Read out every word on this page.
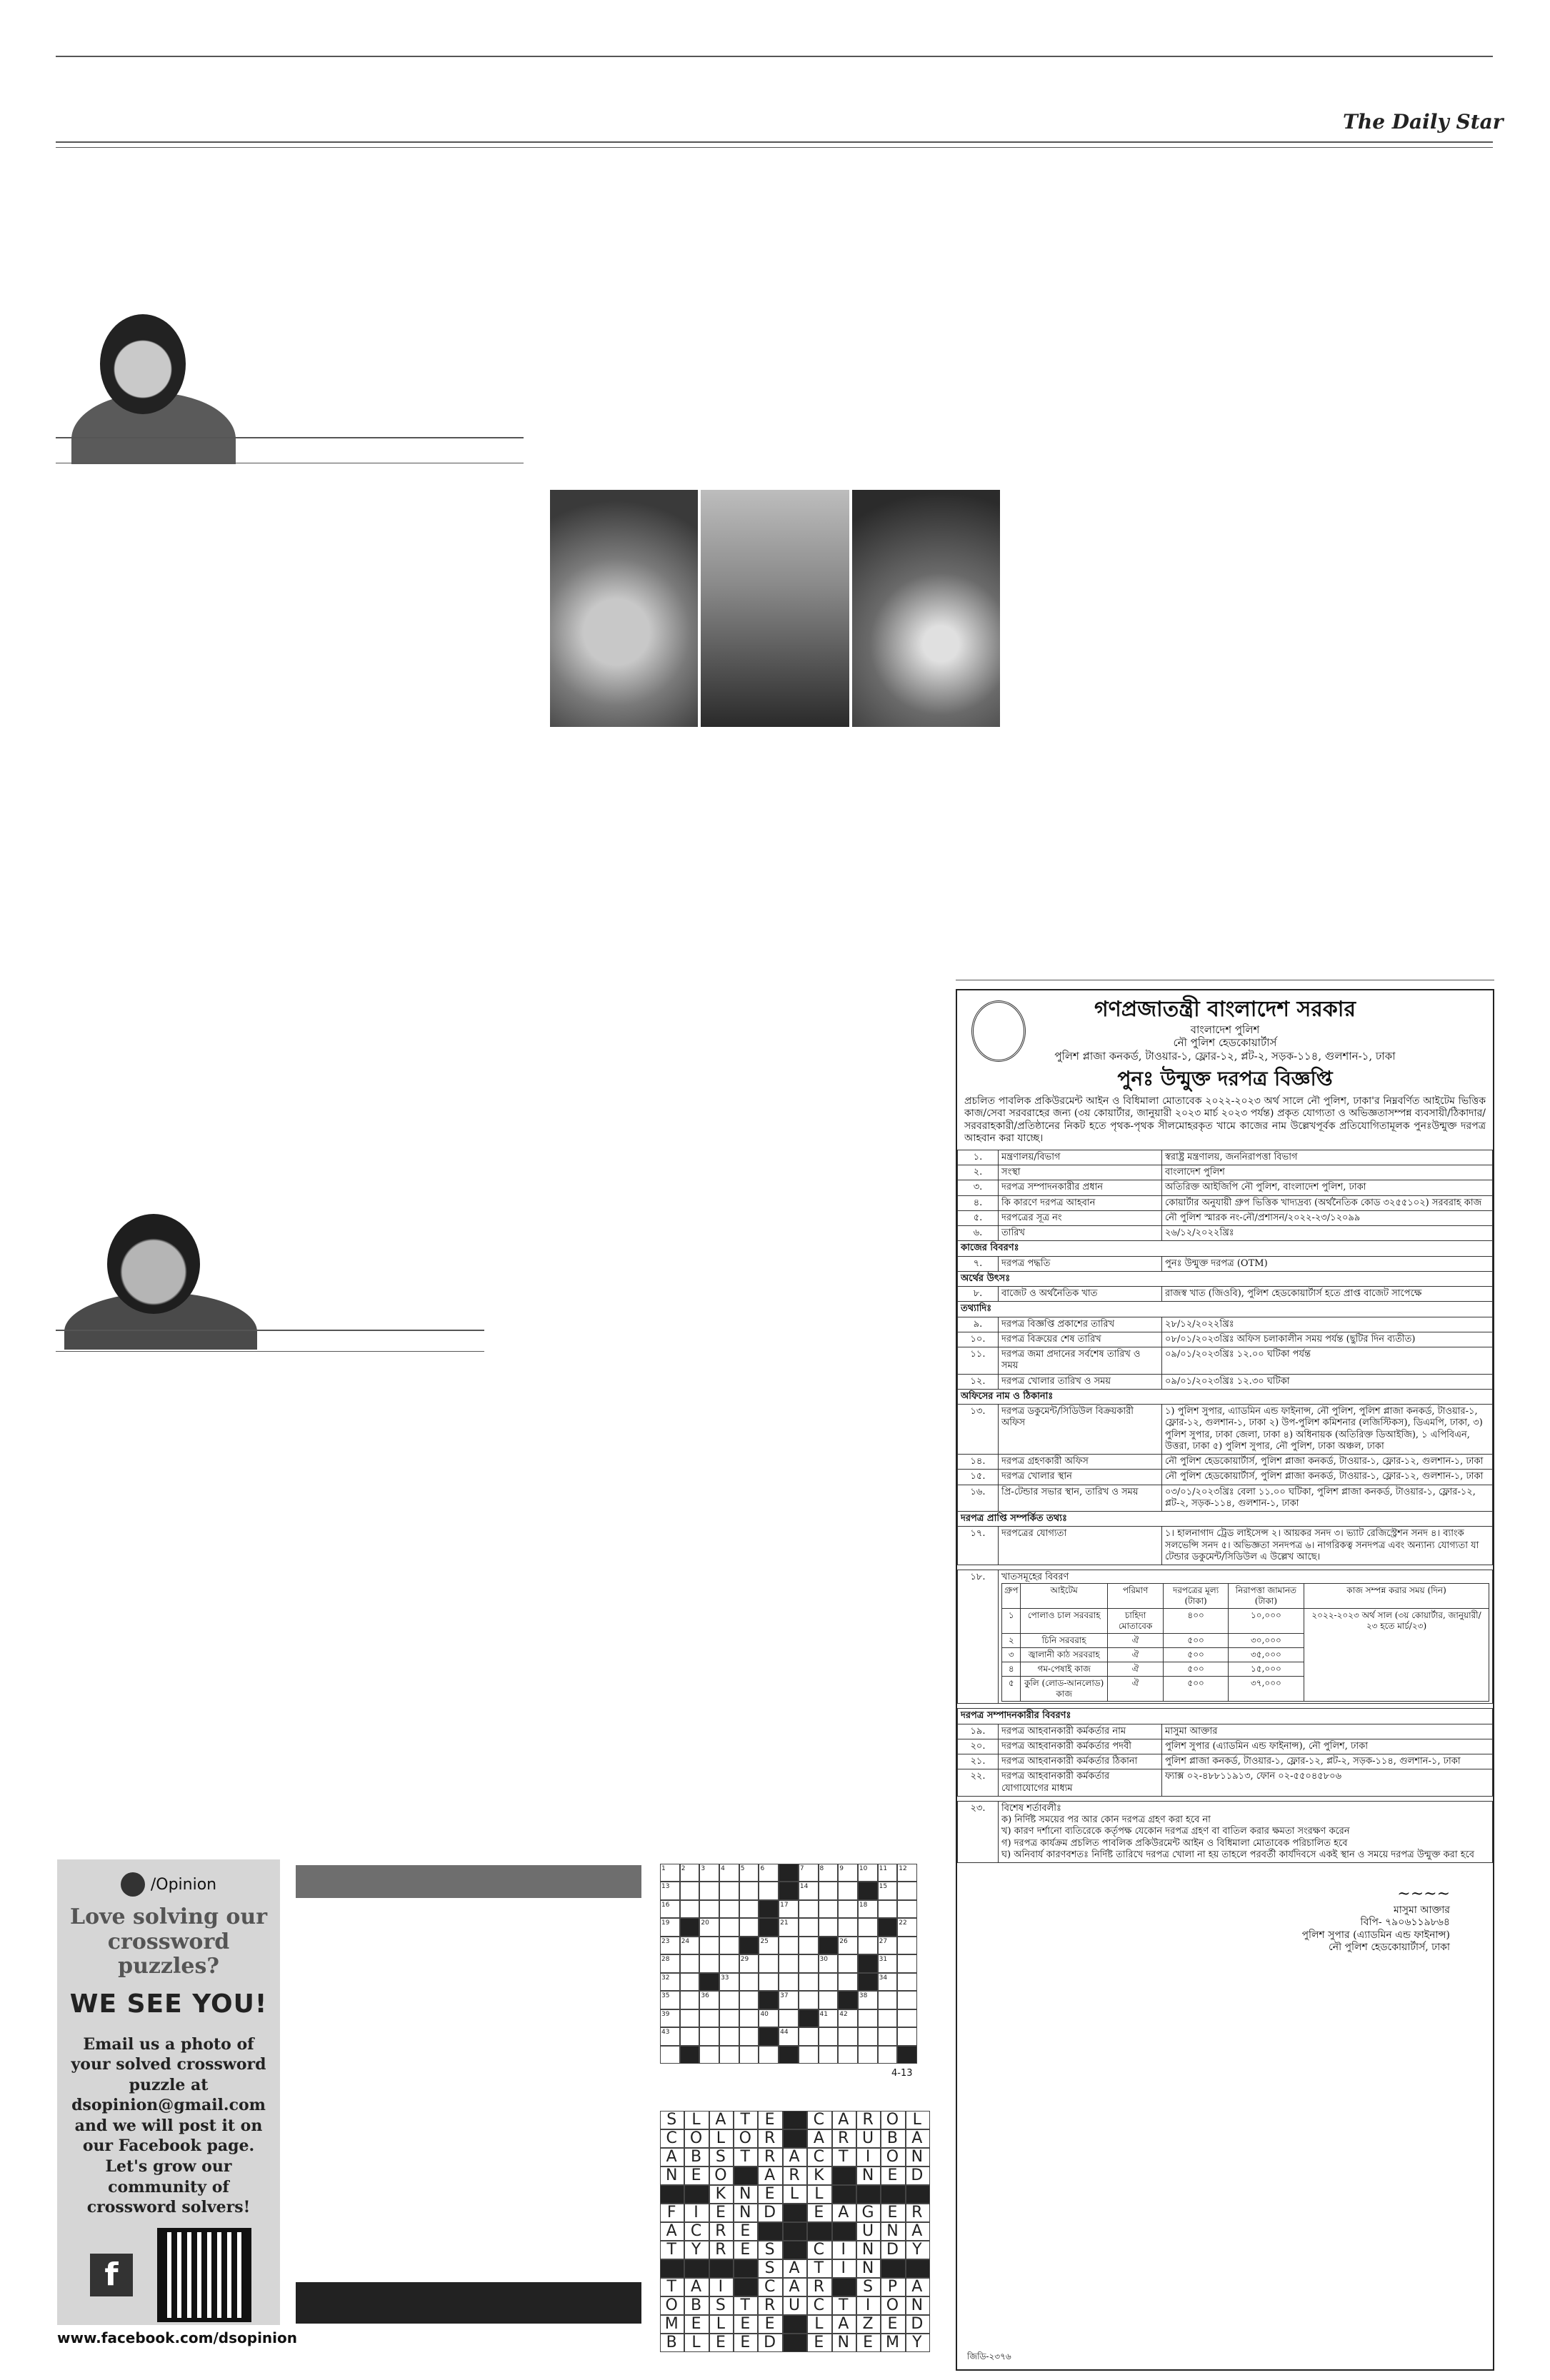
The Daily Star
/Opinion
Love solving our crossword puzzles?
WE SEE YOU!
Email us a photo of your solved crossword puzzle at dsopinion@gmail.com and we will post it on our Facebook page. Let's grow our community of crossword solvers!
f
www.facebook.com/dsopinion
1	2	3	4	5	6	7	8	9	10	11	12
13	14	15
16	17	18
19	20	21	22
23	24	25	26	27
28	29	30	31
32	33	34
35	36	37	38
39	40	41	42
43	44
4-13
S L A T E	C A R O L
C O L O R	A R U B A
A B S T R A C T	I O N
N E O	A R K	N E D
K N E L L
F	I	E N D	E A G E R
A C R E	U N A
T Y R E S	C I N D Y
S A T	I N
T A I	C A R	S P A
O B S T R U C T	I O N
M E L E E	L A Z E D
B L E E D	E N E M Y
গণপ্রজাতন্ত্রী বাংলাদেশ সরকার
বাংলাদেশ পুলিশ
নৌ পুলিশ হেডকোয়ার্টার্স
পুলিশ প্লাজা কনকর্ড, টাওয়ার-১, ফ্লোর-১২, প্লট-২, সড়ক-১১৪, গুলশান-১, ঢাকা
পুনঃ উন্মুক্ত দরপত্র বিজ্ঞপ্তি
প্রচলিত পাবলিক প্রকিউরমেন্ট আইন ও বিধিমালা মোতাবেক ২০২২-২০২৩ অর্থ সালে নৌ পুলিশ, ঢাকা'র নিম্নবর্ণিত আইটেম ভিত্তিক কাজ/সেবা সরবরাহের জন্য (৩য় কোয়ার্টার, জানুয়ারী ২০২৩ মার্চ ২০২৩ পর্যন্ত) প্রকৃত যোগ্যতা ও অভিজ্ঞতাসম্পন্ন ব্যবসায়ী/ঠিকাদার/সরবরাহকারী/প্রতিষ্ঠানের নিকট হতে পৃথক-পৃথক সীলমোহরকৃত খামে কাজের নাম উল্লেখপূর্বক প্রতিযোগিতামূলক পুনঃউন্মুক্ত দরপত্র আহবান করা যাচ্ছে।
১.	মন্ত্রণালয়/বিভাগ	স্বরাষ্ট্র মন্ত্রণালয়, জননিরাপত্তা বিভাগ
২.	সংস্থা	বাংলাদেশ পুলিশ
৩.	দরপত্র সম্পাদনকারীর প্রধান	অতিরিক্ত আইজিপি নৌ পুলিশ, বাংলাদেশ পুলিশ, ঢাকা
৪.	কি কারণে দরপত্র আহবান	কোয়ার্টার অনুযায়ী গ্রুপ ভিত্তিক খাদ্যদ্রব্য (অর্থনৈতিক কোড ৩২৫৫১০২) সরবরাহ কাজ
৫.	দরপত্রের সূত্র নং	নৌ পুলিশ স্মারক নং-নৌ/প্রশাসন/২০২২-২৩/১২০৯৯
৬.	তারিখ	২৬/১২/২০২২খ্রিঃ
কাজের বিবরণঃ		
৭.	দরপত্র পদ্ধতি	পুনঃ উন্মুক্ত দরপত্র (OTM)
অর্থের উৎসঃ		
৮.	বাজেট ও অর্থনৈতিক খাত	রাজস্ব খাত (জিওবি), পুলিশ হেডকোয়ার্টার্স হতে প্রাপ্ত বাজেট সাপেক্ষে
তথ্যাদিঃ		
৯.	দরপত্র বিজ্ঞপ্তি প্রকাশের তারিখ	২৮/১২/২০২২খ্রিঃ
১০.	দরপত্র বিক্রয়ের শেষ তারিখ	০৮/০১/২০২৩খ্রিঃ অফিস চলাকালীন সময় পর্যন্ত (ছুটির দিন ব্যতীত)
১১.	দরপত্র জমা প্রদানের সর্বশেষ তারিখ ও সময়	০৯/০১/২০২৩খ্রিঃ ১২.০০ ঘটিকা পর্যন্ত
১২.	দরপত্র খোলার তারিখ ও সময়	০৯/০১/২০২৩খ্রিঃ ১২.৩০ ঘটিকা
অফিসের নাম ও ঠিকানাঃ		
১৩.	দরপত্র ডকুমেন্ট/সিডিউল বিক্রয়কারী অফিস	১) পুলিশ সুপার, এ্যাডমিন এন্ড ফাইনান্স, নৌ পুলিশ, পুলিশ প্লাজা কনকর্ড, টাওয়ার-১, ফ্লোর-১২, গুলশান-১, ঢাকা ২) উপ-পুলিশ কমিশনার (লজিস্টিকস), ডিএমপি, ঢাকা, ৩) পুলিশ সুপার, ঢাকা জেলা, ঢাকা ৪) অধিনায়ক (অতিরিক্ত ডিআইজি), ১ এপিবিএন, উত্তরা, ঢাকা ৫) পুলিশ সুপার, নৌ পুলিশ, ঢাকা অঞ্চল, ঢাকা
১৪.	দরপত্র গ্রহণকারী অফিস	নৌ পুলিশ হেডকোয়ার্টার্স, পুলিশ প্লাজা কনকর্ড, টাওয়ার-১, ফ্লোর-১২, গুলশান-১, ঢাকা
১৫.	দরপত্র খোলার স্থান	নৌ পুলিশ হেডকোয়ার্টার্স, পুলিশ প্লাজা কনকর্ড, টাওয়ার-১, ফ্লোর-১২, গুলশান-১, ঢাকা
১৬.	প্রি-টেন্ডার সভার স্থান, তারিখ ও সময়	০৩/০১/২০২৩খ্রিঃ বেলা ১১.০০ ঘটিকা, পুলিশ প্লাজা কনকর্ড, টাওয়ার-১, ফ্লোর-১২, প্লট-২, সড়ক-১১৪, গুলশান-১, ঢাকা
দরপত্র প্রাপ্তি সম্পর্কিত তথ্যঃ		
১৭.	দরপত্রের যোগ্যতা	১। হালনাগাদ ট্রেড লাইসেন্স ২। আয়কর সনদ ৩। ভ্যাট রেজিস্ট্রেশন সনদ ৪। ব্যাংক সলভেন্সি সনদ ৫। অভিজ্ঞতা সনদপত্র ৬। নাগরিকত্ব সনদপত্র এবং অন্যান্য যোগ্যতা যা টেন্ডার ডকুমেন্ট/সিডিউল এ উল্লেখ আছে।
১৮.	খাতসমূহের বিবরণ
গ্রুপ	আইটেম	পরিমাণ	দরপত্রের মূল্য (টাকা)	নিরাপত্তা জামানত (টাকা)	কাজ সম্পন্ন করার সময় (দিন)
১	পোলাও চাল সরবরাহ	চাহিদা মোতাবেক	৪০০	১০,০০০	২০২২-২০২৩ অর্থ সাল (৩য় কোয়ার্টার, জানুয়ারী/২৩ হতে মার্চ/২৩)
২	চিনি সরবরাহ	ঐ	৫০০	৩০,০০০
৩	জ্বালানী কাঠ সরবরাহ	ঐ	৫০০	৩৫,০০০
৪	গম-পেষাই কাজ	ঐ	৫০০	১৫,০০০
৫	কুলি (লোড-আনলোড) কাজ	ঐ	৫০০	৩৭,০০০
দরপত্র সম্পাদনকারীর বিবরণঃ		
১৯.	দরপত্র আহবানকারী কর্মকর্তার নাম	মাসুমা আক্তার
২০.	দরপত্র আহবানকারী কর্মকর্তার পদবী	পুলিশ সুপার (এ্যাডমিন এন্ড ফাইনান্স), নৌ পুলিশ, ঢাকা
২১.	দরপত্র আহবানকারী কর্মকর্তার ঠিকানা	পুলিশ প্লাজা কনকর্ড, টাওয়ার-১, ফ্লোর-১২, প্লট-২, সড়ক-১১৪, গুলশান-১, ঢাকা
২২.	দরপত্র আহবানকারী কর্মকর্তার যোগাযোগের মাধ্যম	ফ্যাক্স ০২-৪৮৮১১৯১৩, ফোন ০২-৫৫০৪৫৮০৬
২৩.	বিশেষ শর্তাবলীঃ
ক) নির্দিষ্ট সময়ের পর আর কোন দরপত্র গ্রহণ করা হবে না
খ) কারণ দর্শানো ব্যতিরেকে কর্তৃপক্ষ যেকোন দরপত্র গ্রহণ বা বাতিল করার ক্ষমতা সংরক্ষণ করেন
গ) দরপত্র কার্যক্রম প্রচলিত পাবলিক প্রকিউরমেন্ট আইন ও বিধিমালা মোতাবেক পরিচালিত হবে
ঘ) অনিবার্য কারণবশতঃ নির্দিষ্ট তারিখে দরপত্র খোলা না হয় তাহলে পরবর্তী কার্যদিবসে একই স্থান ও সময়ে দরপত্র উন্মুক্ত করা হবে
~~~~
মাসুমা আক্তার
বিপি- ৭৯০৬১১৯৮৬৪
পুলিশ সুপার (এ্যাডমিন এন্ড ফাইনান্স)
নৌ পুলিশ হেডকোয়ার্টার্স, ঢাকা
জিডি-২৩৭৬
